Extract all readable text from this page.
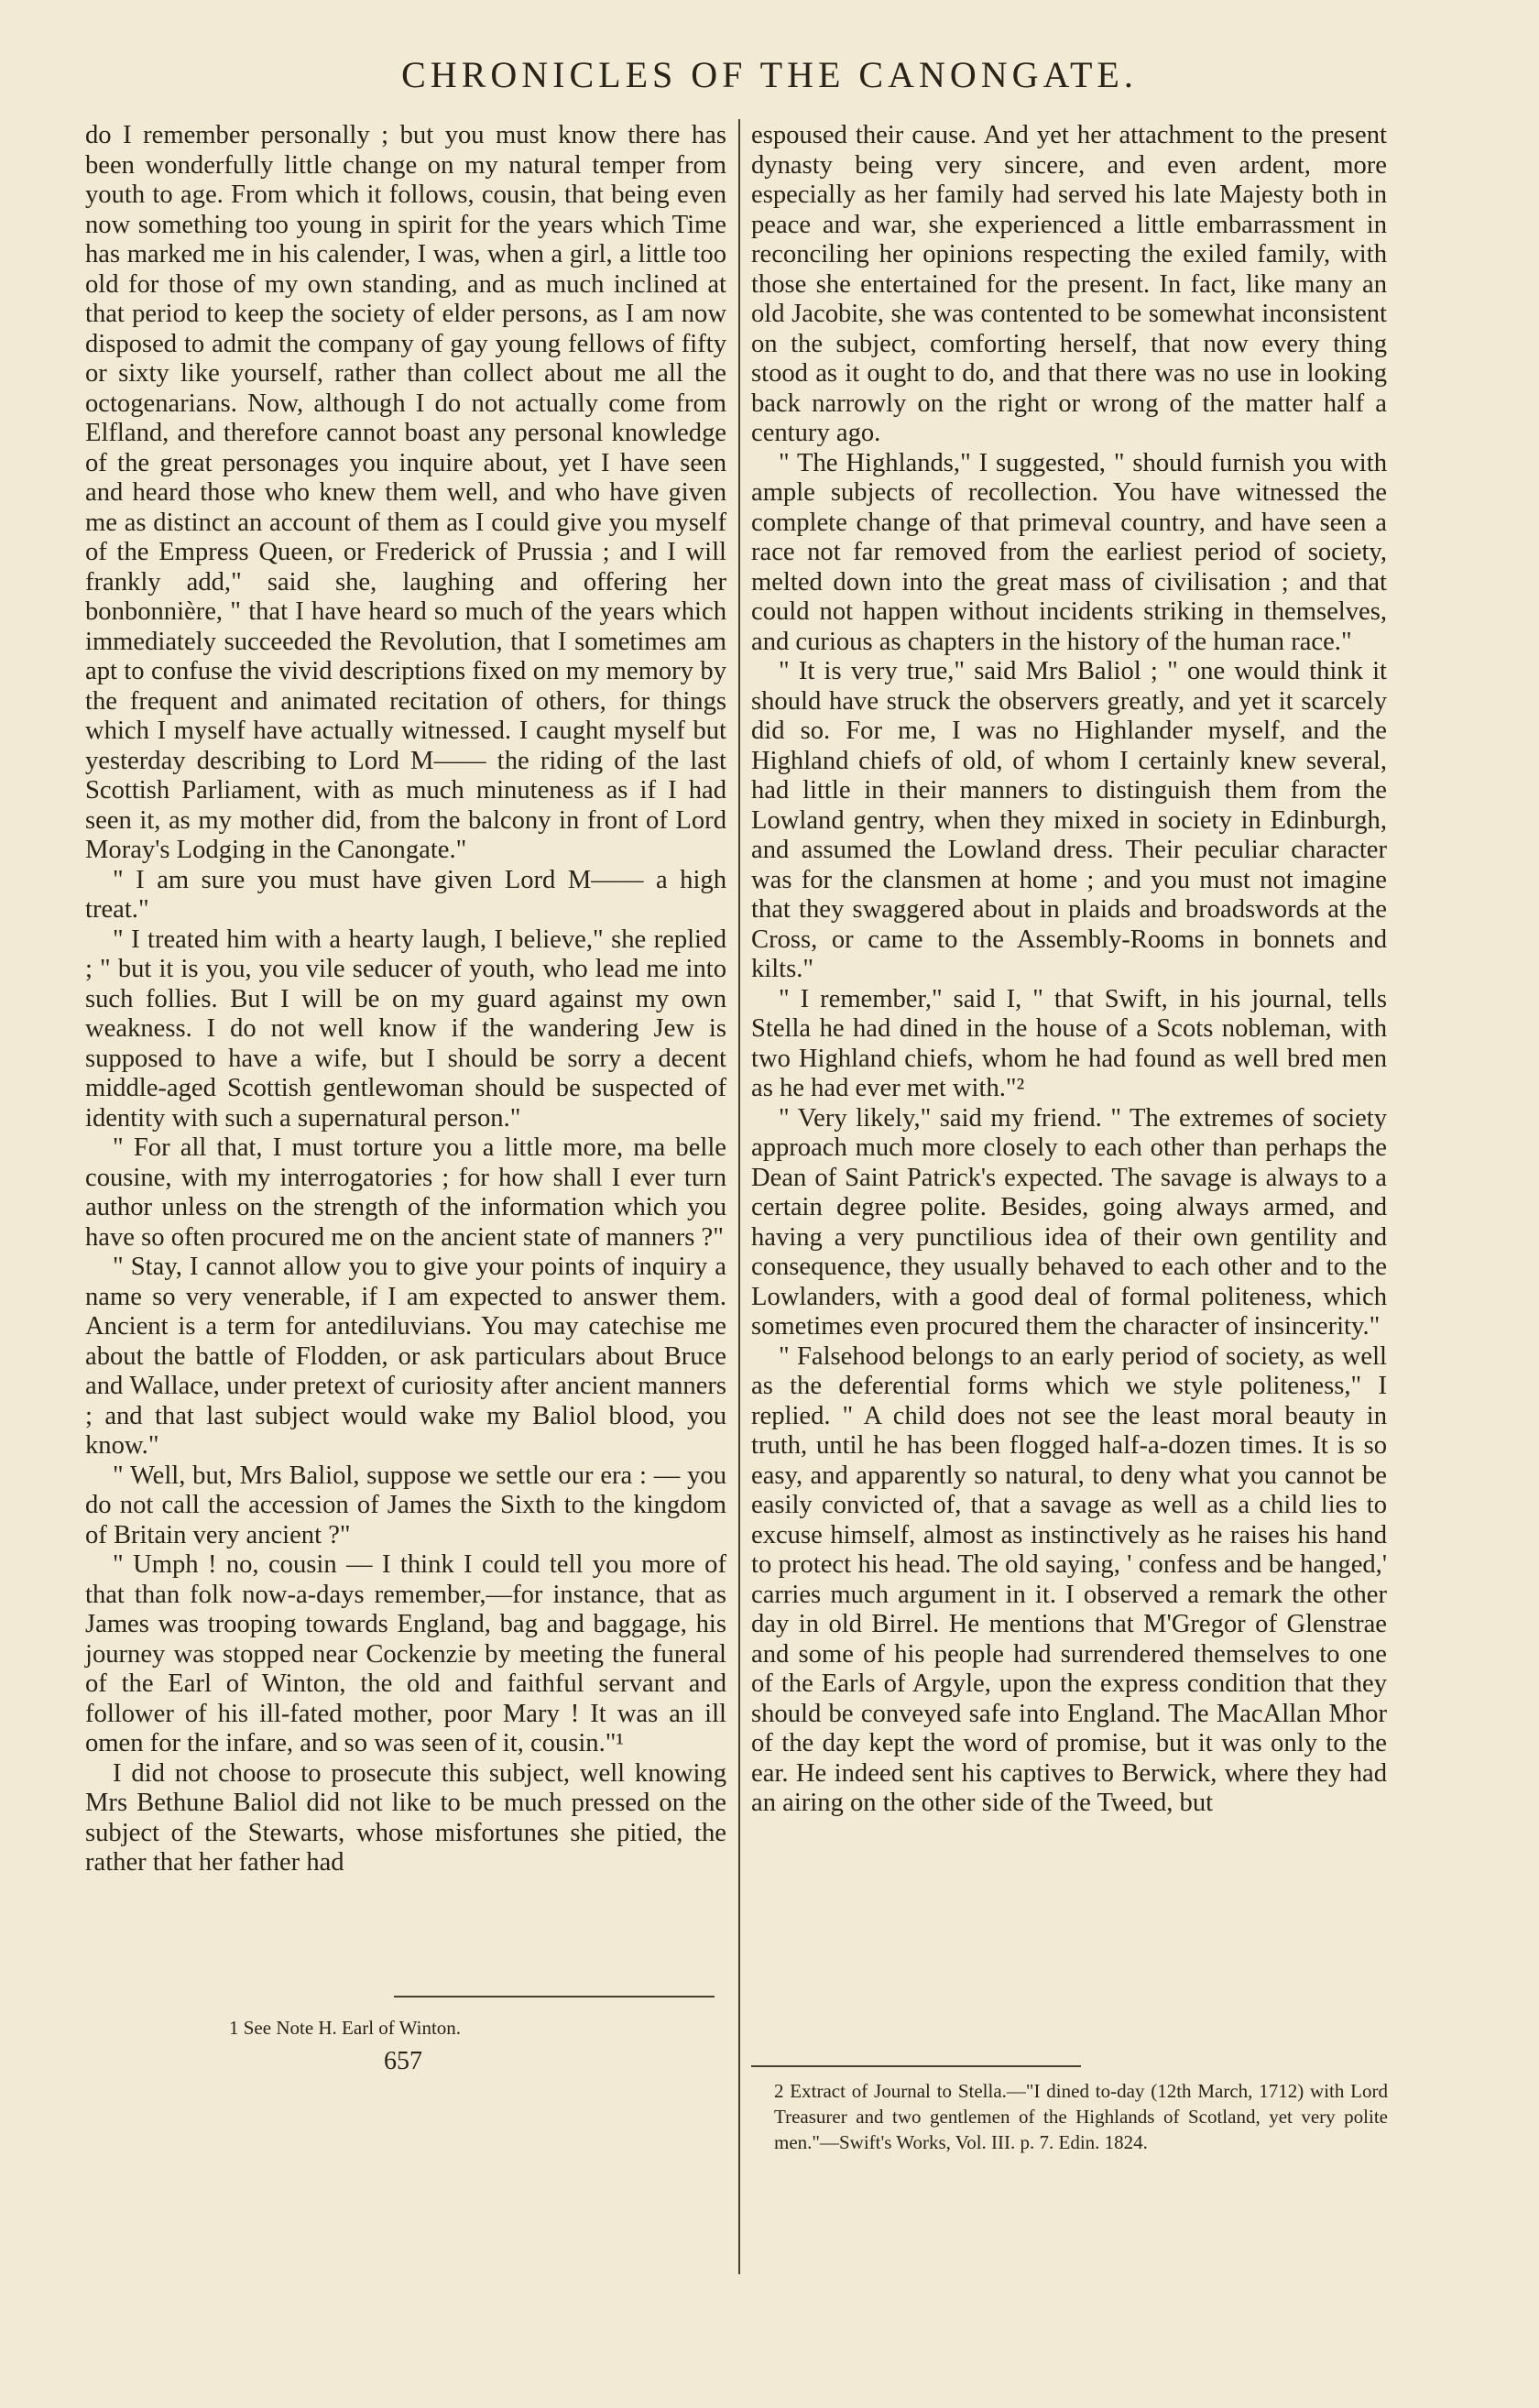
CHRONICLES OF THE CANONGATE.

do I remember personally ; but you must know there has been wonderfully little change on my natural temper from youth to age. From which it follows, cousin, that being even now something too young in spirit for the years which Time has marked me in his calender, I was, when a girl, a little too old for those of my own standing, and as much inclined at that period to keep the society of elder persons, as I am now disposed to admit the company of gay young fellows of fifty or sixty like yourself, rather than collect about me all the octogenarians. Now, although I do not actually come from Elfland, and therefore cannot boast any personal knowledge of the great personages you inquire about, yet I have seen and heard those who knew them well, and who have given me as distinct an account of them as I could give you myself of the Empress Queen, or Frederick of Prussia ; and I will frankly add," said she, laughing and offering her bonbonnière, " that I have heard so much of the years which immediately succeeded the Revolution, that I sometimes am apt to confuse the vivid descriptions fixed on my memory by the frequent and animated recitation of others, for things which I myself have actually witnessed. I caught myself but yesterday describing to Lord M—— the riding of the last Scottish Parliament, with as much minuteness as if I had seen it, as my mother did, from the balcony in front of Lord Moray's Lodging in the Canongate."

" I am sure you must have given Lord M—— a high treat."

" I treated him with a hearty laugh, I believe," she replied ; " but it is you, you vile seducer of youth, who lead me into such follies. But I will be on my guard against my own weakness. I do not well know if the wandering Jew is supposed to have a wife, but I should be sorry a decent middle-aged Scottish gentlewoman should be suspected of identity with such a supernatural person."

" For all that, I must torture you a little more, ma belle cousine, with my interrogatories ; for how shall I ever turn author unless on the strength of the information which you have so often procured me on the ancient state of manners ?"

" Stay, I cannot allow you to give your points of inquiry a name so very venerable, if I am expected to answer them. Ancient is a term for antediluvians. You may catechise me about the battle of Flodden, or ask particulars about Bruce and Wallace, under pretext of curiosity after ancient manners ; and that last subject would wake my Baliol blood, you know."

" Well, but, Mrs Baliol, suppose we settle our era : — you do not call the accession of James the Sixth to the kingdom of Britain very ancient ?"

" Umph ! no, cousin — I think I could tell you more of that than folk now-a-days remember,—for instance, that as James was trooping towards England, bag and baggage, his journey was stopped near Cockenzie by meeting the funeral of the Earl of Winton, the old and faithful servant and follower of his ill-fated mother, poor Mary ! It was an ill omen for the infare, and so was seen of it, cousin."¹

I did not choose to prosecute this subject, well knowing Mrs Bethune Baliol did not like to be much pressed on the subject of the Stewarts, whose misfortunes she pitied, the rather that her father had

espoused their cause. And yet her attachment to the present dynasty being very sincere, and even ardent, more especially as her family had served his late Majesty both in peace and war, she experienced a little embarrassment in reconciling her opinions respecting the exiled family, with those she entertained for the present. In fact, like many an old Jacobite, she was contented to be somewhat inconsistent on the subject, comforting herself, that now every thing stood as it ought to do, and that there was no use in looking back narrowly on the right or wrong of the matter half a century ago.

" The Highlands," I suggested, " should furnish you with ample subjects of recollection. You have witnessed the complete change of that primeval country, and have seen a race not far removed from the earliest period of society, melted down into the great mass of civilisation ; and that could not happen without incidents striking in themselves, and curious as chapters in the history of the human race."

" It is very true," said Mrs Baliol ; " one would think it should have struck the observers greatly, and yet it scarcely did so. For me, I was no Highlander myself, and the Highland chiefs of old, of whom I certainly knew several, had little in their manners to distinguish them from the Lowland gentry, when they mixed in society in Edinburgh, and assumed the Lowland dress. Their peculiar character was for the clansmen at home ; and you must not imagine that they swaggered about in plaids and broadswords at the Cross, or came to the Assembly-Rooms in bonnets and kilts."

" I remember," said I, " that Swift, in his journal, tells Stella he had dined in the house of a Scots nobleman, with two Highland chiefs, whom he had found as well bred men as he had ever met with."²

" Very likely," said my friend. " The extremes of society approach much more closely to each other than perhaps the Dean of Saint Patrick's expected. The savage is always to a certain degree polite. Besides, going always armed, and having a very punctilious idea of their own gentility and consequence, they usually behaved to each other and to the Lowlanders, with a good deal of formal politeness, which sometimes even procured them the character of insincerity."

" Falsehood belongs to an early period of society, as well as the deferential forms which we style politeness," I replied. " A child does not see the least moral beauty in truth, until he has been flogged half-a-dozen times. It is so easy, and apparently so natural, to deny what you cannot be easily convicted of, that a savage as well as a child lies to excuse himself, almost as instinctively as he raises his hand to protect his head. The old saying, ' confess and be hanged,' carries much argument in it. I observed a remark the other day in old Birrel. He mentions that M'Gregor of Glenstrae and some of his people had surrendered themselves to one of the Earls of Argyle, upon the express condition that they should be conveyed safe into England. The MacAllan Mhor of the day kept the word of promise, but it was only to the ear. He indeed sent his captives to Berwick, where they had an airing on the other side of the Tweed, but

1 See Note H. Earl of Winton.

657

2 Extract of Journal to Stella.—"I dined to-day (12th March, 1712) with Lord Treasurer and two gentlemen of the Highlands of Scotland, yet very polite men."—Swift's Works, Vol. III. p. 7. Edin. 1824.
